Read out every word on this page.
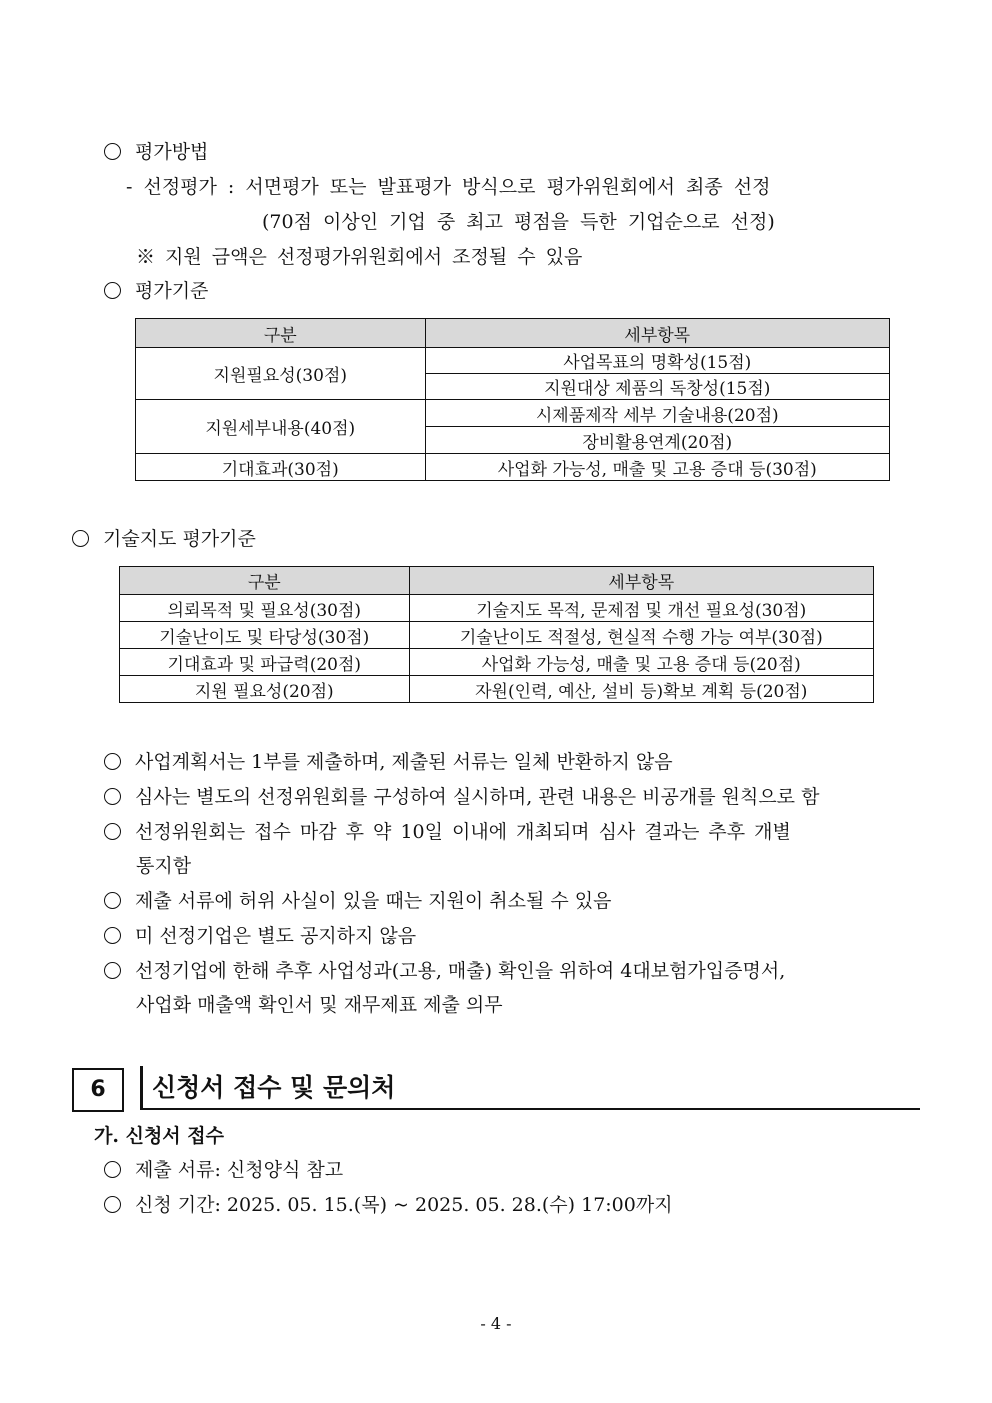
평가방법
- 선정평가 : 서면평가 또는 발표평가 방식으로 평가위원회에서 최종 선정
(70점 이상인 기업 중 최고 평점을 득한 기업순으로 선정)
※ 지원 금액은 선정평가위원회에서 조정될 수 있음
평가기준
구분	세부항목
지원필요성(30점)	사업목표의 명확성(15점)
	지원대상 제품의 독창성(15점)
지원세부내용(40점)	시제품제작 세부 기술내용(20점)
	장비활용연계(20점)
기대효과(30점)	사업화 가능성, 매출 및 고용 증대 등(30점)
기술지도 평가기준
구분	세부항목
의뢰목적 및 필요성(30점)	기술지도 목적, 문제점 및 개선 필요성(30점)
기술난이도 및 타당성(30점)	기술난이도 적절성, 현실적 수행 가능 여부(30점)
기대효과 및 파급력(20점)	사업화 가능성, 매출 및 고용 증대 등(20점)
지원 필요성(20점)	자원(인력, 예산, 설비 등)확보 계획 등(20점)
사업계획서는 1부를 제출하며, 제출된 서류는 일체 반환하지 않음
심사는 별도의 선정위원회를 구성하여 실시하며, 관련 내용은 비공개를 원칙으로 함
선정위원회는 접수 마감 후 약 10일 이내에 개최되며 심사 결과는 추후 개별
통지함
제출 서류에 허위 사실이 있을 때는 지원이 취소될 수 있음
미 선정기업은 별도 공지하지 않음
선정기업에 한해 추후 사업성과(고용, 매출) 확인을 위하여 4대보험가입증명서,
사업화 매출액 확인서 및 재무제표 제출 의무
6	신청서 접수 및 문의처
가. 신청서 접수
제출 서류: 신청양식 참고
신청 기간: 2025. 05. 15.(목) ~ 2025. 05. 28.(수) 17:00까지
- 4 -
